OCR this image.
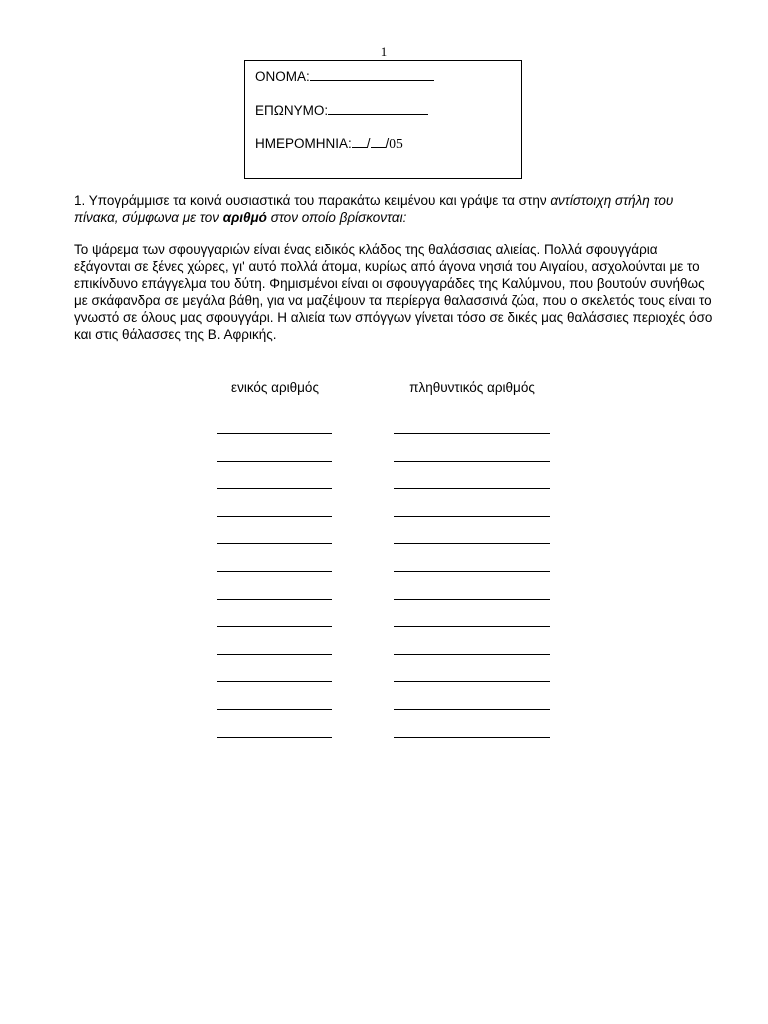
1
ΟΝΟΜΑ:
ΕΠΩΝΥΜΟ:
ΗΜΕΡΟΜΗΝΙΑ: / /05
1. Υπογράμμισε τα κοινά ουσιαστικά του παρακάτω κειμένου και γράψε τα στην αντίστοιχη στήλη του πίνακα, σύμφωνα με τον αριθμό στον οποίο βρίσκονται:
Το ψάρεμα των σφουγγαριών είναι ένας ειδικός κλάδος της θαλάσσιας αλιείας. Πολλά σφουγγάρια εξάγονται σε ξένες χώρες, γι' αυτό πολλά άτομα, κυρίως από άγονα νησιά του Αιγαίου, ασχολούνται με το επικίνδυνο επάγγελμα του δύτη. Φημισμένοι είναι οι σφουγγαράδες της Καλύμνου, που βουτούν συνήθως με σκάφανδρα σε μεγάλα βάθη, για να μαζέψουν τα περίεργα θαλασσινά ζώα, που ο σκελετός τους είναι το γνωστό σε όλους μας σφουγγάρι. Η αλιεία των σπόγγων γίνεται τόσο σε δικές μας θαλάσσιες περιοχές όσο και στις θάλασσες της Β. Αφρικής.
ενικός αριθμός	πληθυντικός αριθμός
